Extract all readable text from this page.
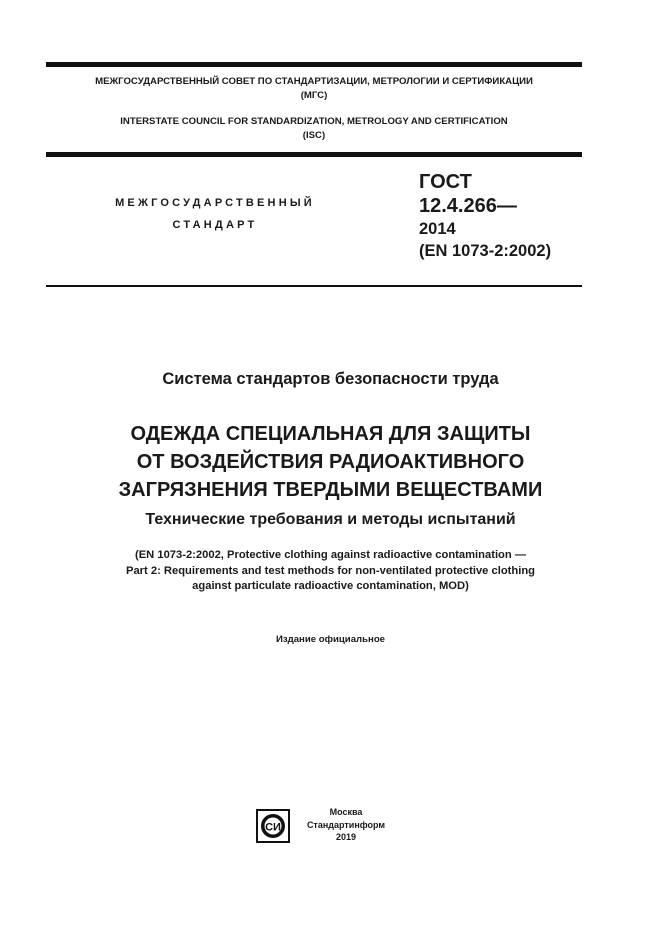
МЕЖГОСУДАРСТВЕННЫЙ СОВЕТ ПО СТАНДАРТИЗАЦИИ, МЕТРОЛОГИИ И СЕРТИФИКАЦИИ
(МГС)
INTERSTATE COUNCIL FOR STANDARDIZATION, METROLOGY AND CERTIFICATION
(ISC)
МЕЖГОСУДАРСТВЕННЫЙ
СТАНДАРТ
ГОСТ
12.4.266—
2014
(EN 1073-2:2002)
Система стандартов безопасности труда
ОДЕЖДА СПЕЦИАЛЬНАЯ ДЛЯ ЗАЩИТЫ
ОТ ВОЗДЕЙСТВИЯ РАДИОАКТИВНОГО
ЗАГРЯЗНЕНИЯ ТВЕРДЫМИ ВЕЩЕСТВАМИ
Технические требования и методы испытаний
(EN 1073-2:2002, Protective clothing against radioactive contamination —
Part 2: Requirements and test methods for non-ventilated protective clothing
against particulate radioactive contamination, MOD)
Издание официальное
СИ
Москва
Стандартинформ
2019
